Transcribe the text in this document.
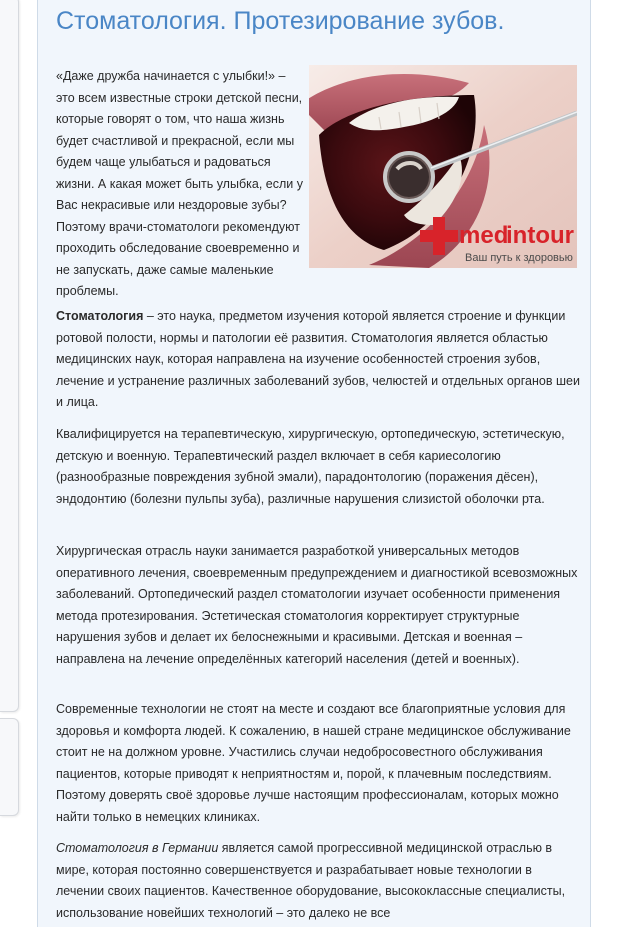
Стоматология. Протезирование зубов.
med
intour
Ваш путь к здоровью

«Даже дружба начинается с улыбки!» – это всем известные строки детской песни, которые говорят о том, что наша жизнь будет счастливой и прекрасной, если мы будем чаще улыбаться и радоваться жизни. А какая может быть улыбка, если у Вас некрасивые или нездоровые зубы? Поэтому врачи-стоматологи рекомендуют проходить обследование своевременно и не запускать, даже самые маленькие проблемы.

Стоматология – это наука, предметом изучения которой является строение и функции ротовой полости, нормы и патологии её развития. Стоматология является областью медицинских наук, которая направлена на изучение особенностей строения зубов, лечение и устранение различных заболеваний зубов, челюстей и отдельных органов шеи и лица.

Квалифицируется на терапевтическую, хирургическую, ортопедическую, эстетическую, детскую и военную. Терапевтический раздел включает в себя кариесологию (разнообразные повреждения зубной эмали), парадонтологию (поражения дёсен), эндодонтию (болезни пульпы зуба), различные нарушения слизистой оболочки рта.

Хирургическая отрасль науки занимается разработкой универсальных методов оперативного лечения, своевременным предупреждением и диагностикой всевозможных заболеваний. Ортопедический раздел стоматологии изучает особенности применения метода протезирования. Эстетическая стоматология корректирует структурные нарушения зубов и делает их белоснежными и красивыми. Детская и военная – направлена на лечение определённых категорий населения (детей и военных).

Современные технологии не стоят на месте и создают все благоприятные условия для здоровья и комфорта людей. К сожалению, в нашей стране медицинское обслуживание стоит не на должном уровне. Участились случаи недобросовестного обслуживания пациентов, которые приводят к неприятностям и, порой, к плачевным последствиям. Поэтому доверять своё здоровье лучше настоящим профессионалам, которых можно найти только в немецких клиниках.

Стоматология в Германии является самой прогрессивной медицинской отраслью в мире, которая постоянно совершенствуется и разрабатывает новые технологии в лечении своих пациентов. Качественное оборудование, высококлассные специалисты, использование новейших технологий – это далеко не все
